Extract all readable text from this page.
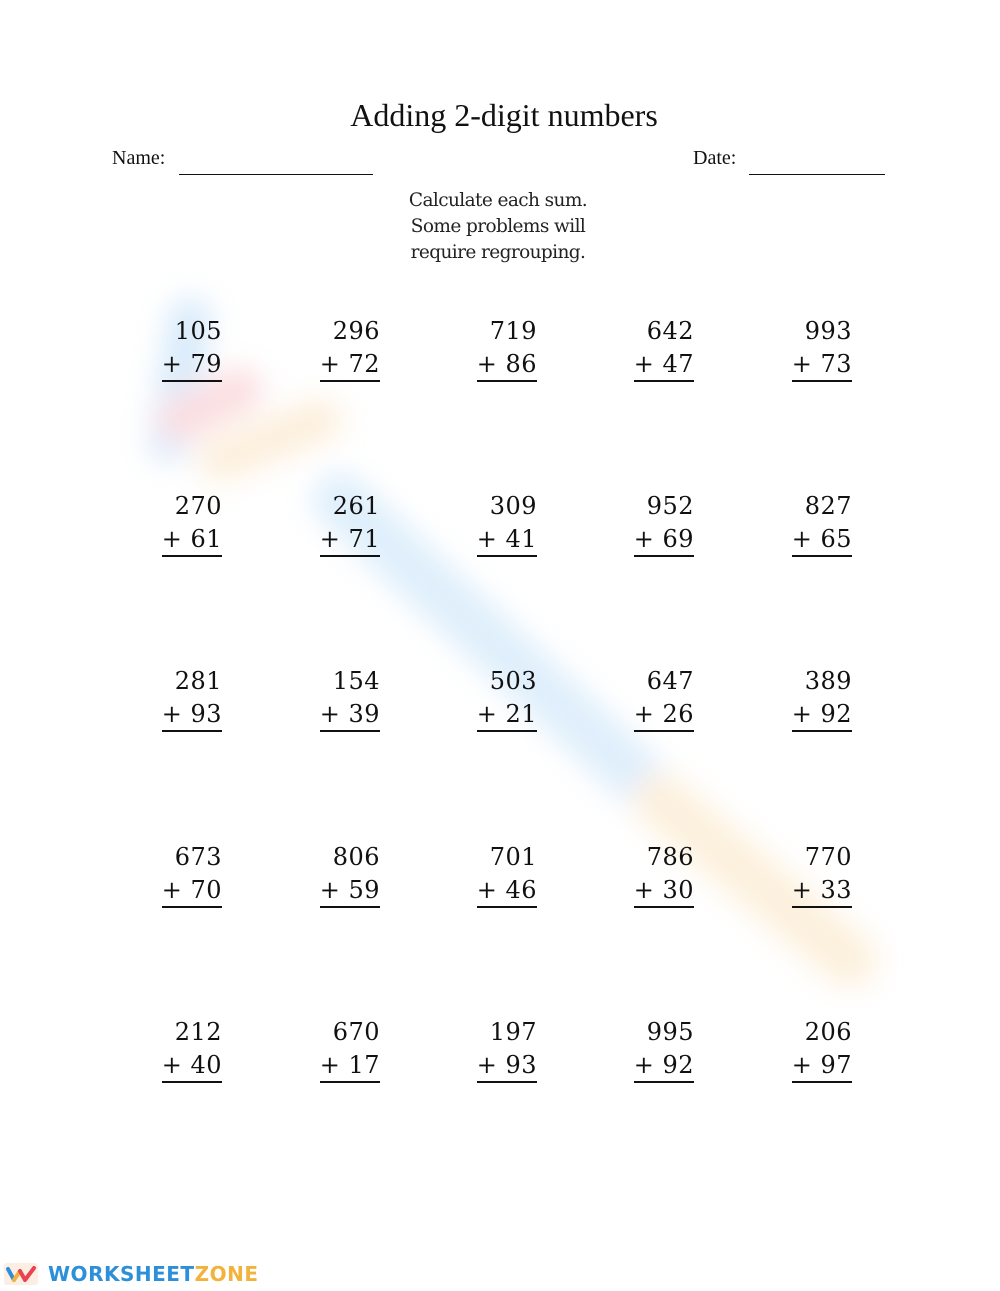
Adding 2-digit numbers
Name:	Date:
Calculate each sum.
Some problems will
require regrouping.
105
+ 79
296
+ 72
719
+ 86
642
+ 47
993
+ 73
270
+ 61
261
+ 71
309
+ 41
952
+ 69
827
+ 65
281
+ 93
154
+ 39
503
+ 21
647
+ 26
389
+ 92
673
+ 70
806
+ 59
701
+ 46
786
+ 30
770
+ 33
212
+ 40
670
+ 17
197
+ 93
995
+ 92
206
+ 97
WORKSHEETZONE
